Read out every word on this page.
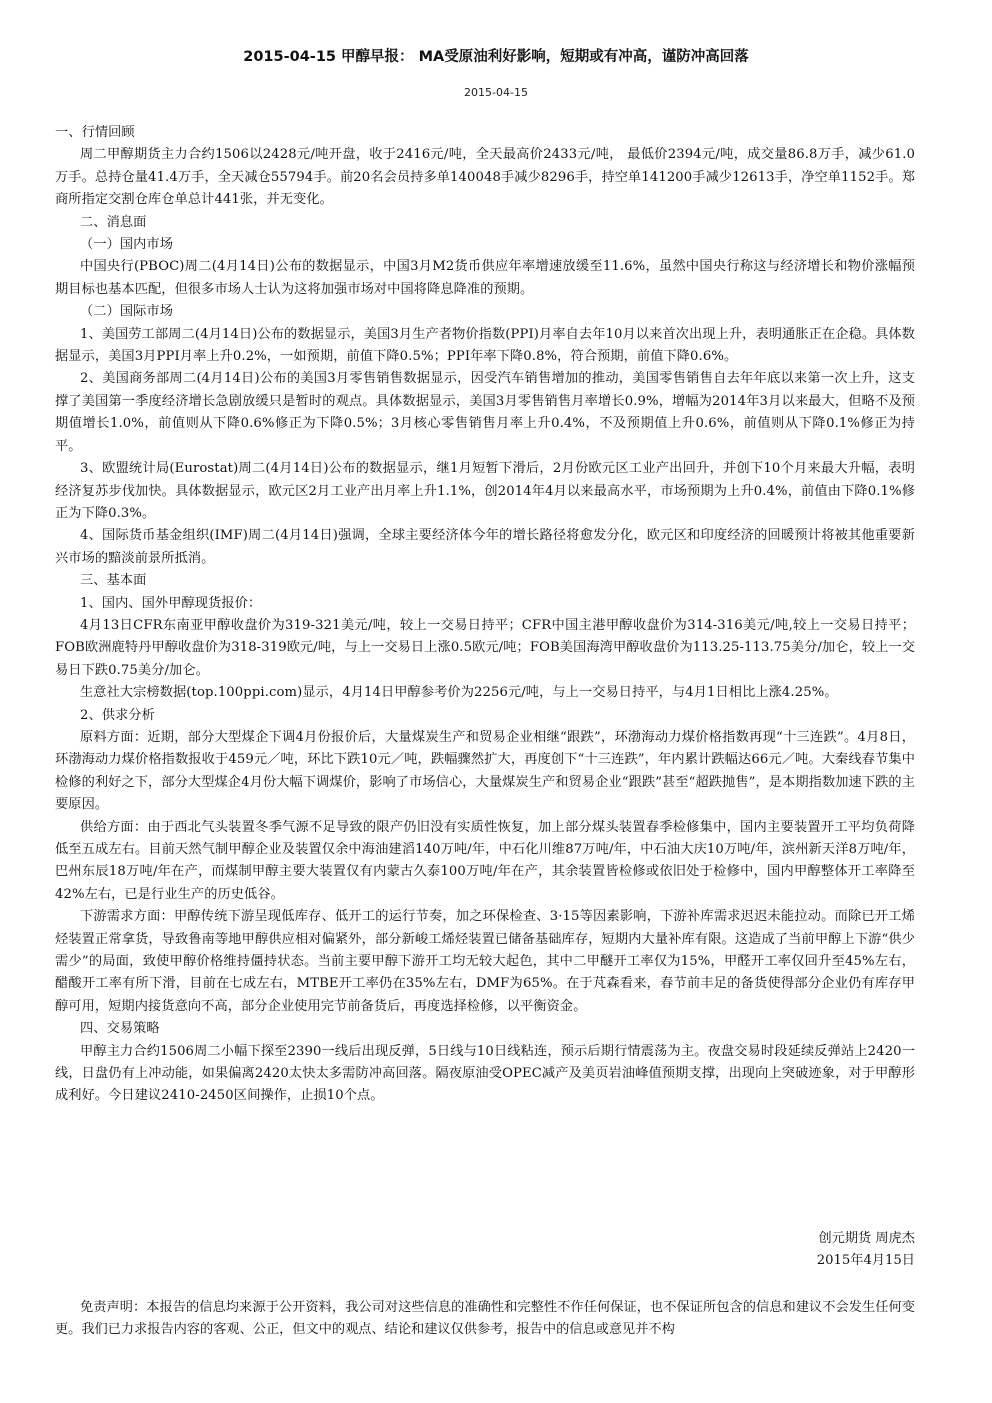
2015-04-15 甲醇早报： MA受原油利好影响，短期或有冲高，谨防冲高回落
2015-04-15

一、行情回顾

周二甲醇期货主力合约1506以2428元/吨开盘，收于2416元/吨，全天最高价2433元/吨， 最低价2394元/吨，成交量86.8万手，减少61.0万手。总持仓量41.4万手，全天减仓55794手。前20名会员持多单140048手减少8296手，持空单141200手减少12613手，净空单1152手。郑商所指定交割仓库仓单总计441张，并无变化。

二、消息面

（一）国内市场

中国央行(PBOC)周二(4月14日)公布的数据显示，中国3月M2货币供应年率增速放缓至11.6%，虽然中国央行称这与经济增长和物价涨幅预期目标也基本匹配，但很多市场人士认为这将加强市场对中国将降息降准的预期。

（二）国际市场

1、美国劳工部周二(4月14日)公布的数据显示，美国3月生产者物价指数(PPI)月率自去年10月以来首次出现上升，表明通胀正在企稳。具体数据显示，美国3月PPI月率上升0.2%，一如预期，前值下降0.5%；PPI年率下降0.8%，符合预期，前值下降0.6%。

2、美国商务部周二(4月14日)公布的美国3月零售销售数据显示，因受汽车销售增加的推动，美国零售销售自去年年底以来第一次上升，这支撑了美国第一季度经济增长急剧放缓只是暂时的观点。具体数据显示，美国3月零售销售月率增长0.9%，增幅为2014年3月以来最大，但略不及预期值增长1.0%，前值则从下降0.6%修正为下降0.5%；3月核心零售销售月率上升0.4%，不及预期值上升0.6%，前值则从下降0.1%修正为持平。

3、欧盟统计局(Eurostat)周二(4月14日)公布的数据显示，继1月短暂下滑后，2月份欧元区工业产出回升，并创下10个月来最大升幅，表明经济复苏步伐加快。具体数据显示，欧元区2月工业产出月率上升1.1%，创2014年4月以来最高水平，市场预期为上升0.4%，前值由下降0.1%修正为下降0.3%。

4、国际货币基金组织(IMF)周二(4月14日)强调，全球主要经济体今年的增长路径将愈发分化，欧元区和印度经济的回暖预计将被其他重要新兴市场的黯淡前景所抵消。

三、基本面

1、国内、国外甲醇现货报价：

4月13日CFR东南亚甲醇收盘价为319-321美元/吨，较上一交易日持平；CFR中国主港甲醇收盘价为314-316美元/吨,较上一交易日持平；FOB欧洲鹿特丹甲醇收盘价为318-319欧元/吨，与上一交易日上涨0.5欧元/吨；FOB美国海湾甲醇收盘价为113.25-113.75美分/加仑，较上一交易日下跌0.75美分/加仑。

生意社大宗榜数据(top.100ppi.com)显示，4月14日甲醇参考价为2256元/吨，与上一交易日持平，与4月1日相比上涨4.25%。

2、供求分析

原料方面：近期，部分大型煤企下调4月份报价后，大量煤炭生产和贸易企业相继“跟跌”，环渤海动力煤价格指数再现“十三连跌”。4月8日，环渤海动力煤价格指数报收于459元／吨，环比下跌10元／吨，跌幅骤然扩大，再度创下“十三连跌”，年内累计跌幅达66元／吨。大秦线春节集中检修的利好之下，部分大型煤企4月份大幅下调煤价，影响了市场信心，大量煤炭生产和贸易企业“跟跌”甚至“超跌抛售”，是本期指数加速下跌的主要原因。

供给方面：由于西北气头装置冬季气源不足导致的限产仍旧没有实质性恢复，加上部分煤头装置春季检修集中，国内主要装置开工平均负荷降低至五成左右。目前天然气制甲醇企业及装置仅余中海油建滔140万吨/年，中石化川维87万吨/年，中石油大庆10万吨/年，滨州新天洋8万吨/年，巴州东辰18万吨/年在产，而煤制甲醇主要大装置仅有内蒙古久泰100万吨/年在产，其余装置皆检修或依旧处于检修中，国内甲醇整体开工率降至42%左右，已是行业生产的历史低谷。

下游需求方面：甲醇传统下游呈现低库存、低开工的运行节奏，加之环保检查、3·15等因素影响，下游补库需求迟迟未能拉动。而除已开工烯烃装置正常拿货，导致鲁南等地甲醇供应相对偏紧外，部分新峻工烯烃装置已储备基础库存，短期内大量补库有限。这造成了当前甲醇上下游“供少需少”的局面，致使甲醇价格维持僵持状态。当前主要甲醇下游开工均无较大起色，其中二甲醚开工率仅为15%，甲醛开工率仅回升至45%左右，醋酸开工率有所下滑，目前在七成左右，MTBE开工率仍在35%左右，DMF为65%。在于芃森看来，春节前丰足的备货使得部分企业仍有库存甲醇可用，短期内接货意向不高，部分企业使用完节前备货后，再度选择检修，以平衡资金。

四、交易策略

甲醇主力合约1506周二小幅下探至2390一线后出现反弹，5日线与10日线粘连，预示后期行情震荡为主。夜盘交易时段延续反弹站上2420一线，日盘仍有上冲动能，如果偏离2420太快太多需防冲高回落。隔夜原油受OPEC减产及美页岩油峰值预期支撑，出现向上突破迹象，对于甲醇形成利好。今日建议2410-2450区间操作，止损10个点。

创元期货 周虎杰
2015年4月15日

免责声明：本报告的信息均来源于公开资料，我公司对这些信息的准确性和完整性不作任何保证，也不保证所包含的信息和建议不会发生任何变更。我们已力求报告内容的客观、公正，但文中的观点、结论和建议仅供参考，报告中的信息或意见并不构
